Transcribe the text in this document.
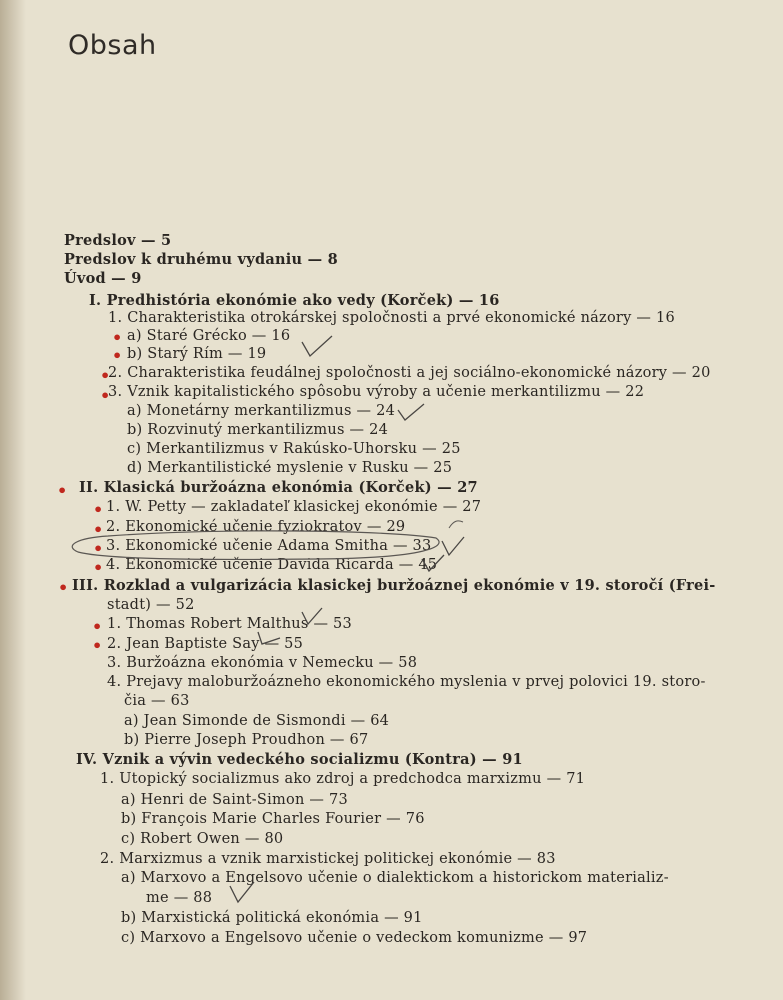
Obsah
Predslov — 5
Predslov k druhému vydaniu — 8
Úvod — 9
I. Predhistória ekonómie ako vedy (Korček) — 16
1. Charakteristika otrokárskej spoločnosti a prvé ekonomické názory — 16
a) Staré Grécko — 16
b) Starý Rím — 19
2. Charakteristika feudálnej spoločnosti a jej sociálno-ekonomické názory — 20
3. Vznik kapitalistického spôsobu výroby a učenie merkantilizmu — 22
a) Monetárny merkantilizmus — 24
b) Rozvinutý merkantilizmus — 24
c) Merkantilizmus v Rakúsko-Uhorsku — 25
d) Merkantilistické myslenie v Rusku — 25
II. Klasická buržoázna ekonómia (Korček) — 27
1. W. Petty — zakladateľ klasickej ekonómie — 27
2. Ekonomické učenie fyziokratov — 29
3. Ekonomické učenie Adama Smitha — 33
4. Ekonomické učenie Davida Ricarda — 45
III. Rozklad a vulgarizácia klasickej buržoáznej ekonómie v 19. storočí (Frei-
stadt) — 52
1. Thomas Robert Malthus — 53
2. Jean Baptiste Say — 55
3. Buržoázna ekonómia v Nemecku — 58
4. Prejavy maloburžoázneho ekonomického myslenia v prvej polovici 19. storo-
čia — 63
a) Jean Simonde de Sismondi — 64
b) Pierre Joseph Proudhon — 67
IV. Vznik a vývin vedeckého socializmu (Kontra) — 91
1. Utopický socializmus ako zdroj a predchodca marxizmu — 71
a) Henri de Saint-Simon — 73
b) François Marie Charles Fourier — 76
c) Robert Owen — 80
2. Marxizmus a vznik marxistickej politickej ekonómie — 83
a) Marxovo a Engelsovo učenie o dialektickom a historickom materializ-
me — 88
b) Marxistická politická ekonómia — 91
c) Marxovo a Engelsovo učenie o vedeckom komunizme — 97
•
•
•
•
•
•
•
•
•
•
•
•
